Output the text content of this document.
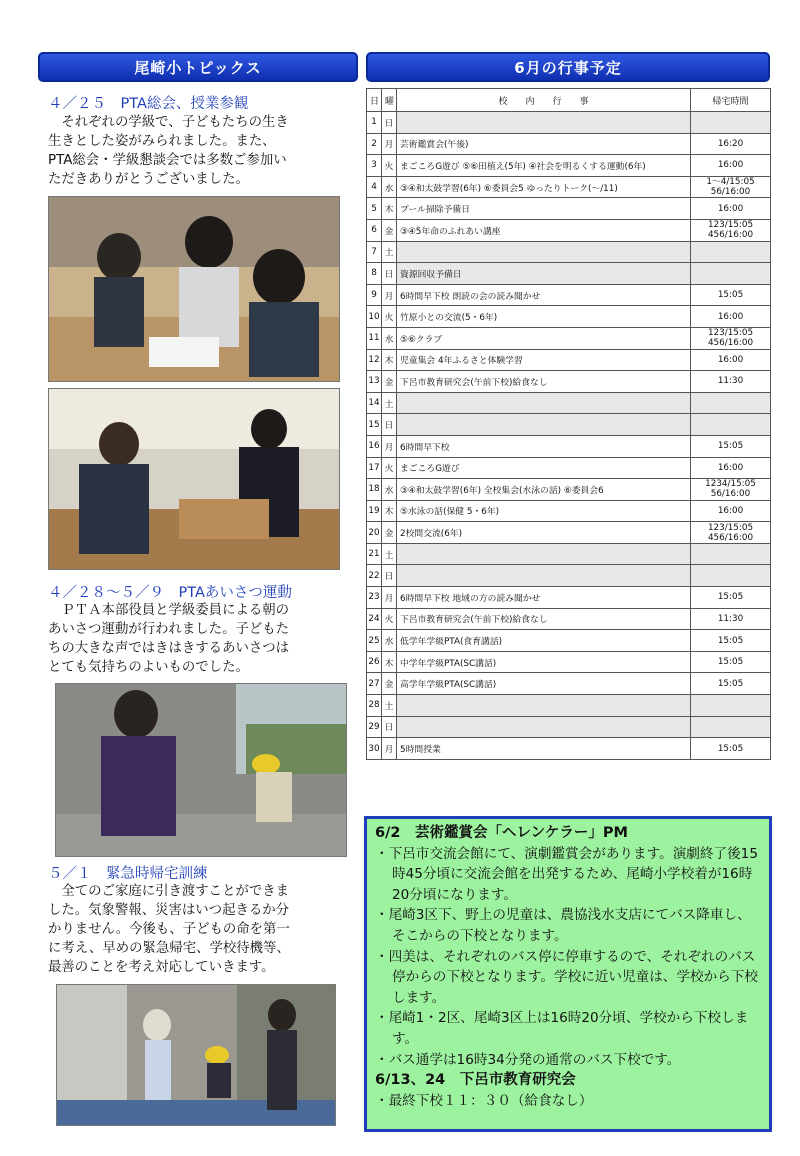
尾崎小トピックス	6月の行事予定
４／２５　PTA総会、授業参観
　それぞれの学級で、子どもたちの生き
生きとした姿がみられました。また、
PTA総会・学級懇談会では多数ご参加い
ただきありがとうございました。
４／２８～５／９　PTAあいさつ運動
　ＰＴＡ本部役員と学級委員による朝の
あいさつ運動が行われました。子どもた
ちの大きな声ではきはきするあいさつは
とても気持ちのよいものでした。
５／１　緊急時帰宅訓練
　全てのご家庭に引き渡すことができま
した。気象警報、災害はいつ起きるか分
かりません。今後も、子どもの命を第一
に考え、早めの緊急帰宅、学校待機等、
最善のことを考え対応していきます。
日	曜	校　　内　　行　　事	帰宅時間
1	日		
2	月	芸術鑑賞会(午後)	16:20
3	火	まごころG遊び ⑤⑥田植え(5年) ④社会を明るくする運動(6年)	16:00
4	水	③④和太鼓学習(6年) ⑥委員会5 ゆったりトーク(～/11)	1～4/15:05
56/16:00
5	木	プール掃除予備日	16:00
6	金	③④5年命のふれあい講座	123/15:05
456/16:00
7	土		
8	日	資源回収予備日	
9	月	6時間早下校 朗読の会の読み聞かせ	15:05
10	火	竹原小との交流(5・6年)	16:00
11	水	⑤⑥クラブ	123/15:05
456/16:00
12	木	児童集会 4年ふるさと体験学習	16:00
13	金	下呂市教育研究会(午前下校)給食なし	11:30
14	土		
15	日		
16	月	6時間早下校	15:05
17	火	まごころG遊び	16:00
18	水	③④和太鼓学習(6年) 全校集会(水泳の話) ⑥委員会6	1234/15:05
56/16:00
19	木	⑤水泳の話(保健 5・6年)	16:00
20	金	2校間交流(6年)	123/15:05
456/16:00
21	土		
22	日		
23	月	6時間早下校 地域の方の読み聞かせ	15:05
24	火	下呂市教育研究会(午前下校)給食なし	11:30
25	水	低学年学級PTA(食育講話)	15:05
26	木	中学年学級PTA(SC講話)	15:05
27	金	高学年学級PTA(SC講話)	15:05
28	土		
29	日		
30	月	5時間授業	15:05
6/2　芸術鑑賞会「ヘレンケラー」PM
・下呂市交流会館にて、演劇鑑賞会があります。演劇終了後15時45分頃に交流会館を出発するため、尾崎小学校着が16時20分頃になります。
・尾崎3区下、野上の児童は、農協浅水支店にてバス降車し、そこからの下校となります。
・四美は、それぞれのバス停に停車するので、それぞれのバス停からの下校となります。学校に近い児童は、学校から下校します。
・尾崎1・2区、尾崎3区上は16時20分頃、学校から下校します。
・バス通学は16時34分発の通常のバス下校です。
6/13、24　下呂市教育研究会
・最終下校１１：３０（給食なし）
